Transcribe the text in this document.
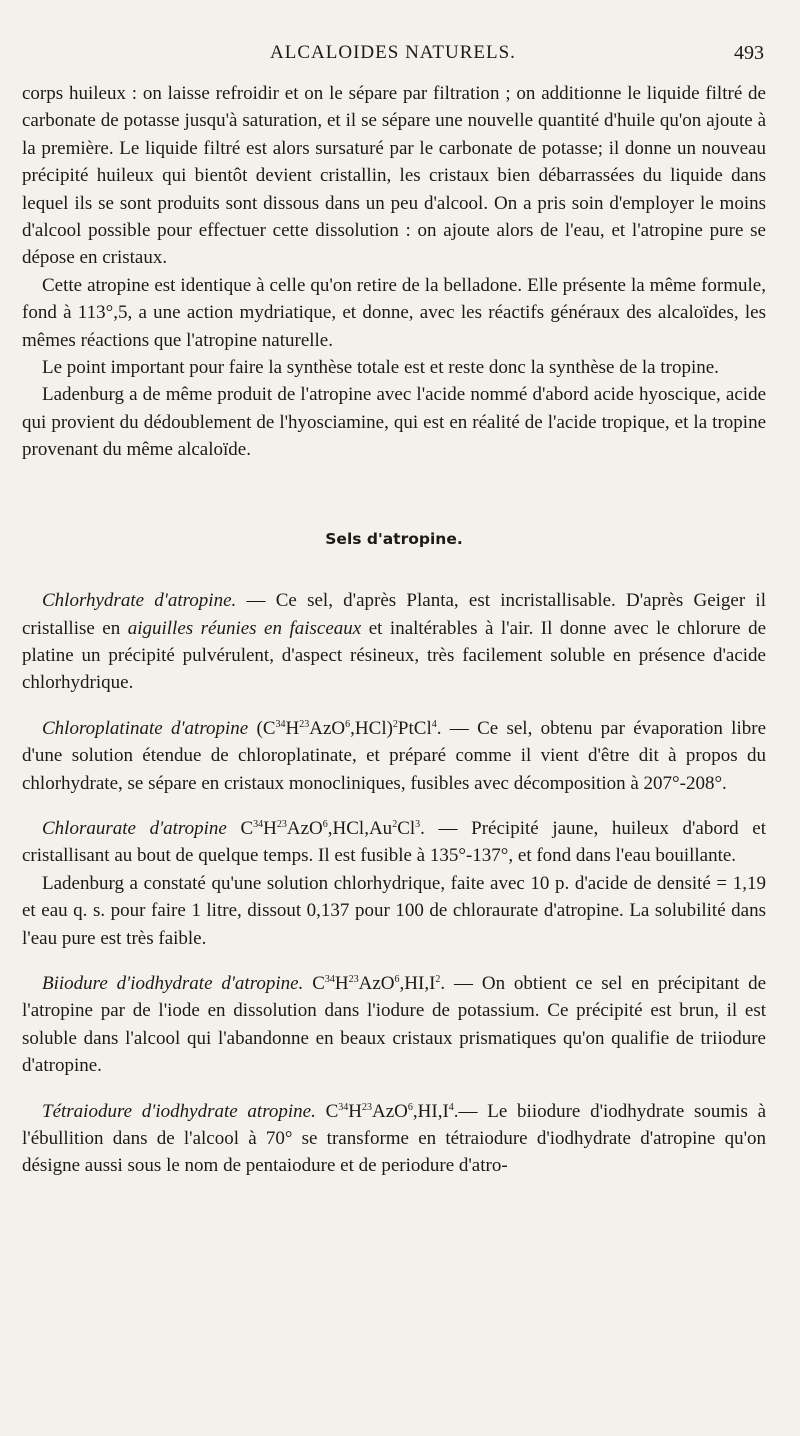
ALCALOIDES NATURELS.	493

corps huileux : on laisse refroidir et on le sépare par filtration ; on additionne le liquide filtré de carbonate de potasse jusqu'à saturation, et il se sépare une nouvelle quantité d'huile qu'on ajoute à la première. Le liquide filtré est alors sursaturé par le carbonate de potasse; il donne un nouveau précipité huileux qui bientôt devient cristallin, les cristaux bien débarrassées du liquide dans lequel ils se sont produits sont dissous dans un peu d'alcool. On a pris soin d'employer le moins d'alcool possible pour effectuer cette dissolution : on ajoute alors de l'eau, et l'atropine pure se dépose en cristaux.

Cette atropine est identique à celle qu'on retire de la belladone. Elle présente la même formule, fond à 113°,5, a une action mydriatique, et donne, avec les réactifs généraux des alcaloïdes, les mêmes réactions que l'atropine naturelle.

Le point important pour faire la synthèse totale est et reste donc la synthèse de la tropine.

Ladenburg a de même produit de l'atropine avec l'acide nommé d'abord acide hyoscique, acide qui provient du dédoublement de l'hyosciamine, qui est en réalité de l'acide tropique, et la tropine provenant du même alcaloïde.

Sels d'atropine.

Chlorhydrate d'atropine. — Ce sel, d'après Planta, est incristallisable. D'après Geiger il cristallise en aiguilles réunies en faisceaux et inaltérables à l'air. Il donne avec le chlorure de platine un précipité pulvérulent, d'aspect résineux, très facilement soluble en présence d'acide chlorhydrique.

Chloroplatinate d'atropine $(C^{34}H^{23}AzO^6,HCl)^2PtCl^4$. — Ce sel, obtenu par évaporation libre d'une solution étendue de chloroplatinate, et préparé comme il vient d'être dit à propos du chlorhydrate, se sépare en cristaux monocliniques, fusibles avec décomposition à 207°-208°.

Chloraurate d'atropine $C^{34}H^{23}AzO^6,HCl,Au^2Cl^3$. — Précipité jaune, huileux d'abord et cristallisant au bout de quelque temps. Il est fusible à 135°-137°, et fond dans l'eau bouillante.

Ladenburg a constaté qu'une solution chlorhydrique, faite avec 10 p. d'acide de densité = 1,19 et eau q. s. pour faire 1 litre, dissout 0,137 pour 100 de chloraurate d'atropine. La solubilité dans l'eau pure est très faible.

Biiodure d'iodhydrate d'atropine. $C^{34}H^{23}AzO^6,HI,I^2$. — On obtient ce sel en précipitant de l'atropine par de l'iode en dissolution dans l'iodure de potassium. Ce précipité est brun, il est soluble dans l'alcool qui l'abandonne en beaux cristaux prismatiques qu'on qualifie de triiodure d'atropine.

Tétraiodure d'iodhydrate atropine. $C^{34}H^{23}AzO^6,HI,I^4.—$ Le biiodure d'iodhydrate soumis à l'ébullition dans de l'alcool à 70° se transforme en tétraiodure d'iodhydrate d'atropine qu'on désigne aussi sous le nom de pentaiodure et de periodure d'atro-
